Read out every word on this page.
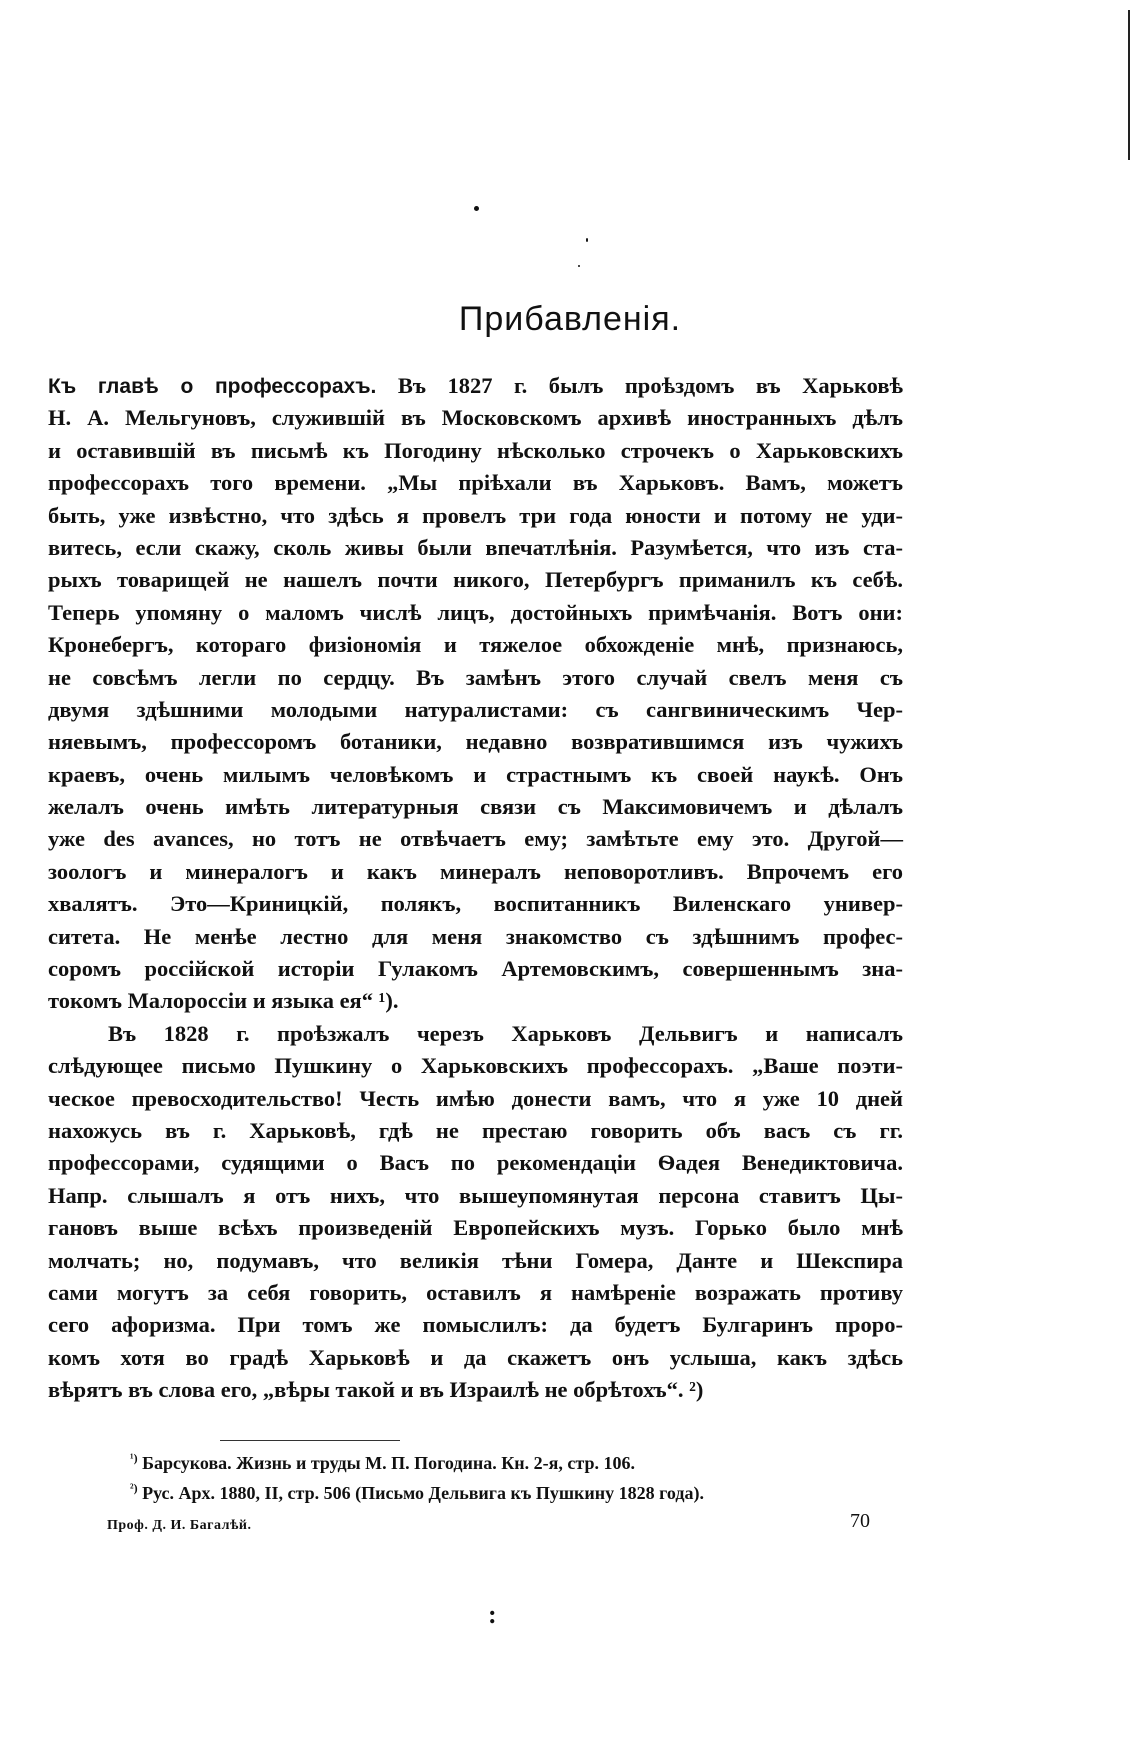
Прибавленія.
Къ главѣ о профессорахъ. Въ 1827 г. былъ проѣздомъ въ Харьковѣ
Н. А. Мельгуновъ, служившій въ Московскомъ архивѣ иностранныхъ дѣлъ
и оставившій въ письмѣ къ Погодину нѣсколько строчекъ о Харьковскихъ
профессорахъ того времени. „Мы пріѣхали въ Харьковъ. Вамъ, можетъ
быть, уже извѣстно, что здѣсь я провелъ три года юности и потому не уди-
витесь, если скажу, сколь живы были впечатлѣнія. Разумѣется, что изъ ста-
рыхъ товарищей не нашелъ почти никого, Петербургъ приманилъ къ себѣ.
Теперь упомяну о маломъ числѣ лицъ, достойныхъ примѣчанія. Вотъ они:
Кронебергъ, котораго физіономія и тяжелое обхожденіе мнѣ, признаюсь,
не совсѣмъ легли по сердцу. Въ замѣнъ этого случай свелъ меня съ
двумя здѣшними молодыми натуралистами: съ сангвиническимъ Чер-
няевымъ, профессоромъ ботаники, недавно возвратившимся изъ чужихъ
краевъ, очень милымъ человѣкомъ и страстнымъ къ своей наукѣ. Онъ
желалъ очень имѣть литературныя связи съ Максимовичемъ и дѣлалъ
уже des avances, но тотъ не отвѣчаетъ ему; замѣтьте ему это. Другой—
зоологъ и минералогъ и какъ минералъ неповоротливъ. Впрочемъ его
хвалятъ. Это—Криницкій, полякъ, воспитанникъ Виленскаго универ-
ситета. Не менѣе лестно для меня знакомство съ здѣшнимъ профес-
соромъ россійской исторіи Гулакомъ Артемовскимъ, совершеннымъ зна-
токомъ Малороссіи и языка ея“ ¹).
Въ 1828 г. проѣзжалъ черезъ Харьковъ Дельвигъ и написалъ
слѣдующее письмо Пушкину о Харьковскихъ профессорахъ. „Ваше поэти-
ческое превосходительство! Честь имѣю донести вамъ, что я уже 10 дней
нахожусь въ г. Харьковѣ, гдѣ не престаю говорить объ васъ съ гг.
профессорами, судящими о Васъ по рекомендаціи Ѳадея Венедиктовича.
Напр. слышалъ я отъ нихъ, что вышеупомянутая персона ставитъ Цы-
гановъ выше всѣхъ произведеній Европейскихъ музъ. Горько было мнѣ
молчать; но, подумавъ, что великія тѣни Гомера, Данте и Шекспира
сами могутъ за себя говорить, оставилъ я намѣреніе возражать противу
сего афоризма. При томъ же помыслилъ: да будетъ Булгаринъ проро-
комъ хотя во градѣ Харьковѣ и да скажетъ онъ услыша, какъ здѣсь
вѣрятъ въ слова его, „вѣры такой и въ Израилѣ не обрѣтохъ“. ²)
$^{^1)}$ Барсукова. Жизнь и труды М. П. Погодина. Кн. 2-я, стр. 106.
$^{^2)}$ Рус. Арх. 1880, II, стр. 506 (Письмо Дельвига къ Пушкину 1828 года).
Проф. Д. И. Багалѣй.	70
:
